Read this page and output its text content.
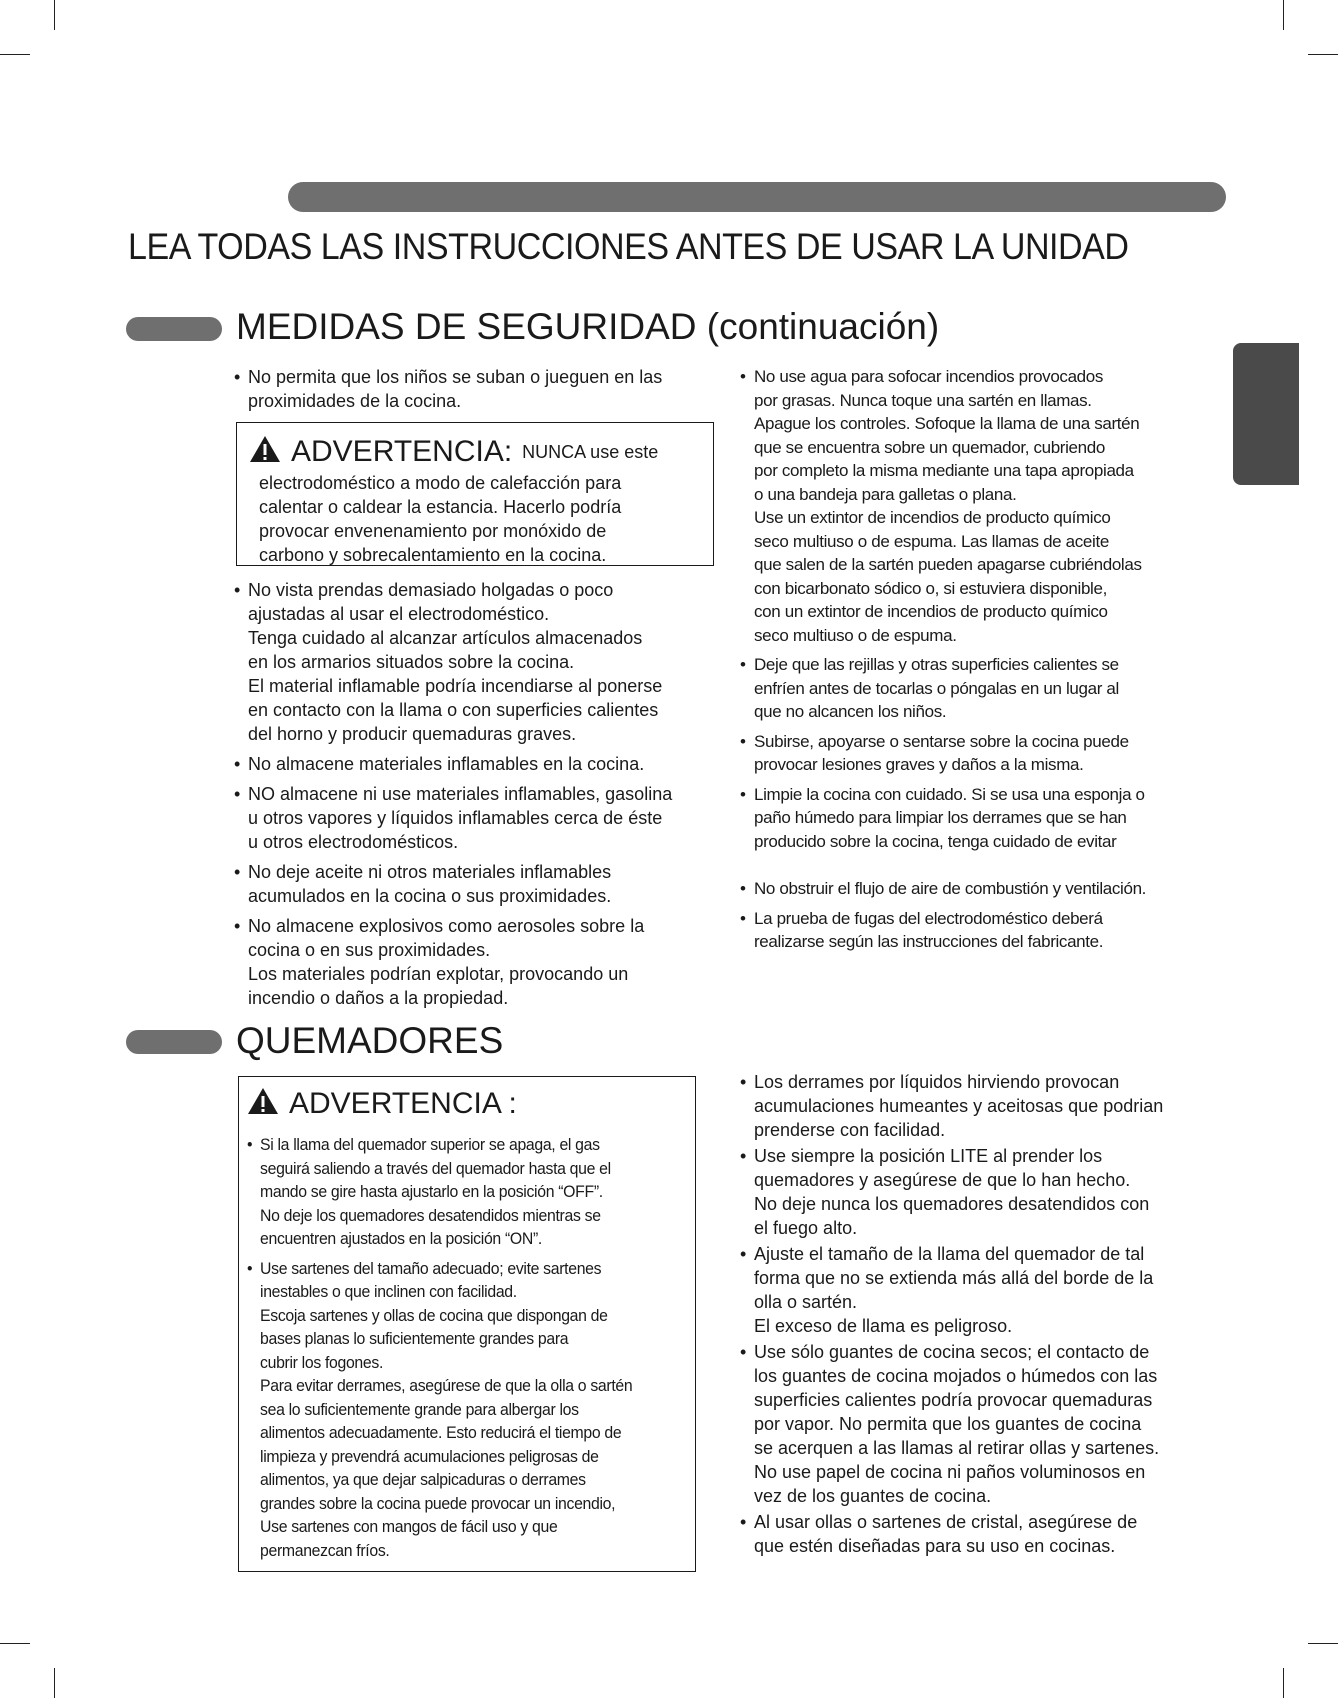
LEA TODAS LAS INSTRUCCIONES ANTES DE USAR LA UNIDAD
MEDIDAS DE SEGURIDAD (continuación)
• No permita que los niños se suban o jueguen en las
proximidades de la cocina.
ADVERTENCIA: NUNCA use este
electrodoméstico a modo de calefacción para
calentar o caldear la estancia. Hacerlo podría
provocar envenenamiento por monóxido de
carbono y sobrecalentamiento en la cocina.
• No vista prendas demasiado holgadas o poco
ajustadas al usar el electrodoméstico.
Tenga cuidado al alcanzar artículos almacenados
en los armarios situados sobre la cocina.
El material inflamable podría incendiarse al ponerse
en contacto con la llama o con superficies calientes
del horno y producir quemaduras graves.
• No almacene materiales inflamables en la cocina.
• NO almacene ni use materiales inflamables, gasolina
u otros vapores y líquidos inflamables cerca de éste
u otros electrodomésticos.
• No deje aceite ni otros materiales inflamables
acumulados en la cocina o sus proximidades.
• No almacene explosivos como aerosoles sobre la
cocina o en sus proximidades.
Los materiales podrían explotar, provocando un
incendio o daños a la propiedad.
• No use agua para sofocar incendios provocados
por grasas. Nunca toque una sartén en llamas.
Apague los controles. Sofoque la llama de una sartén
que se encuentra sobre un quemador, cubriendo
por completo la misma mediante una tapa apropiada
o una bandeja para galletas o plana.
Use un extintor de incendios de producto químico
seco multiuso o de espuma. Las llamas de aceite
que salen de la sartén pueden apagarse cubriéndolas
con bicarbonato sódico o, si estuviera disponible,
con un extintor de incendios de producto químico
seco multiuso o de espuma.
• Deje que las rejillas y otras superficies calientes se
enfríen antes de tocarlas o póngalas en un lugar al
que no alcancen los niños.
• Subirse, apoyarse o sentarse sobre la cocina puede
provocar lesiones graves y daños a la misma.
• Limpie la cocina con cuidado. Si se usa una esponja o
paño húmedo para limpiar los derrames que se han
producido sobre la cocina, tenga cuidado de evitar
• No obstruir el flujo de aire de combustión y ventilación.
• La prueba de fugas del electrodoméstico deberá
realizarse según las instrucciones del fabricante.
QUEMADORES
ADVERTENCIA :
• Si la llama del quemador superior se apaga, el gas
seguirá saliendo a través del quemador hasta que el
mando se gire hasta ajustarlo en la posición “OFF”.
No deje los quemadores desatendidos mientras se
encuentren ajustados en la posición “ON”.
• Use sartenes del tamaño adecuado; evite sartenes
inestables o que inclinen con facilidad.
Escoja sartenes y ollas de cocina que dispongan de
bases planas lo suficientemente grandes para
cubrir los fogones.
Para evitar derrames, asegúrese de que la olla o sartén
sea lo suficientemente grande para albergar los
alimentos adecuadamente. Esto reducirá el tiempo de
limpieza y prevendrá acumulaciones peligrosas de
alimentos, ya que dejar salpicaduras o derrames
grandes sobre la cocina puede provocar un incendio,
Use sartenes con mangos de fácil uso y que
permanezcan fríos.
• Los derrames por líquidos hirviendo provocan
acumulaciones humeantes y aceitosas que podrian
prenderse con facilidad.
• Use siempre la posición LITE al prender los
quemadores y asegúrese de que lo han hecho.
No deje nunca los quemadores desatendidos con
el fuego alto.
• Ajuste el tamaño de la llama del quemador de tal
forma que no se extienda más allá del borde de la
olla o sartén.
El exceso de llama es peligroso.
• Use sólo guantes de cocina secos; el contacto de
los guantes de cocina mojados o húmedos con las
superficies calientes podría provocar quemaduras
por vapor. No permita que los guantes de cocina
se acerquen a las llamas al retirar ollas y sartenes.
No use papel de cocina ni paños voluminosos en
vez de los guantes de cocina.
• Al usar ollas o sartenes de cristal, asegúrese de
que estén diseñadas para su uso en cocinas.
